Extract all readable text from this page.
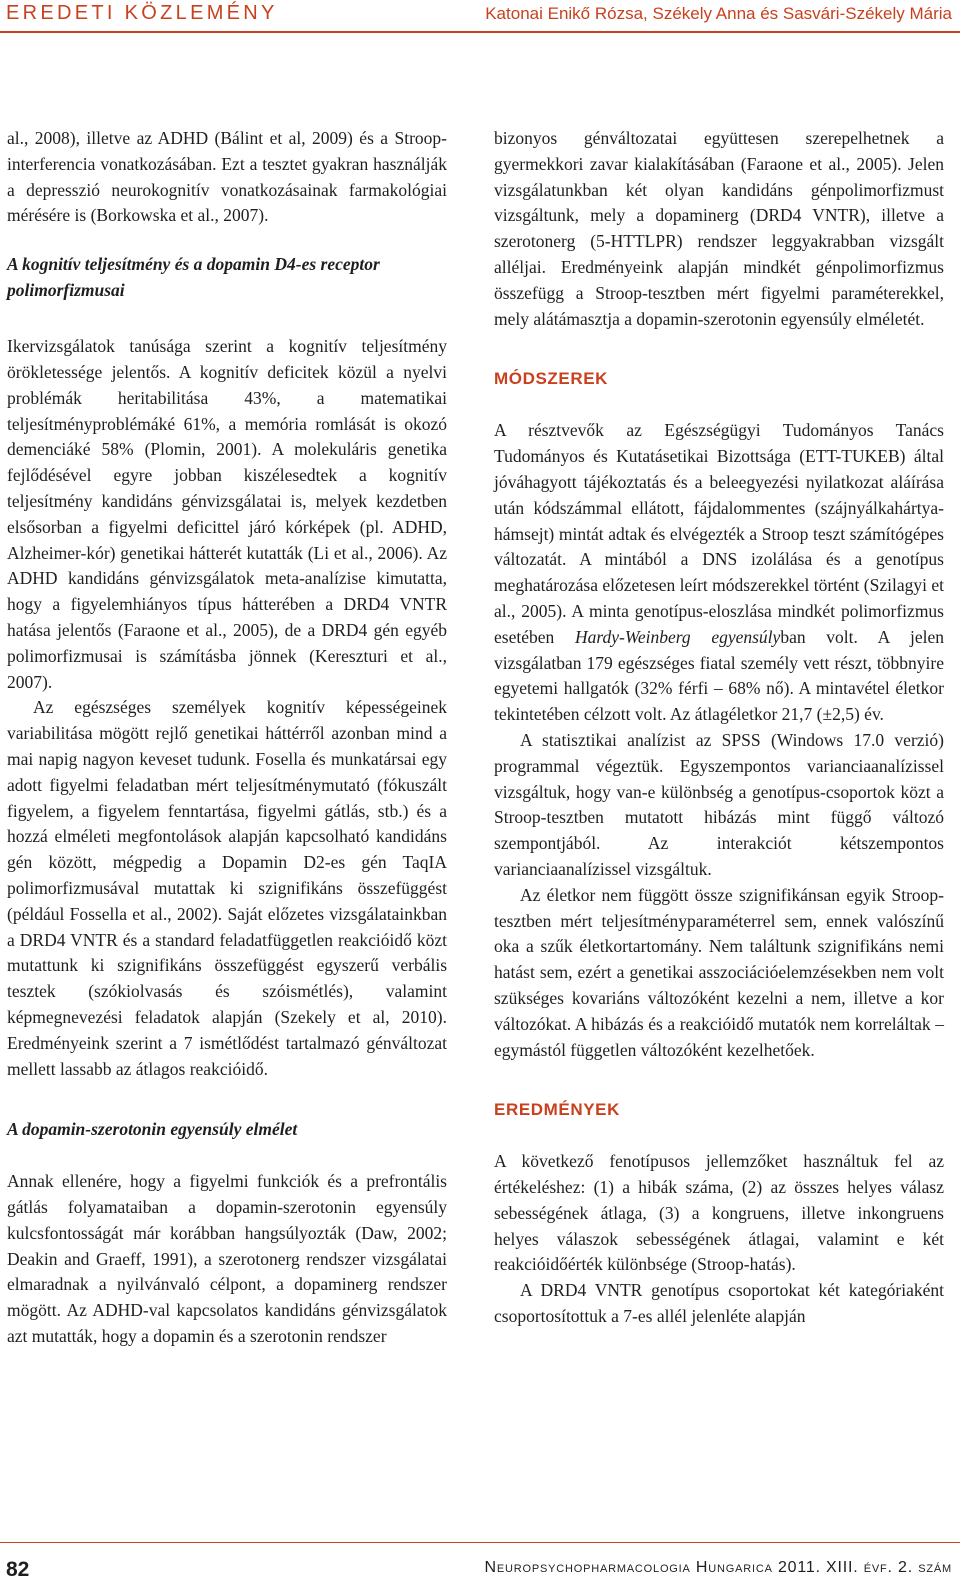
EREDETI KÖZLEMÉNY	Katonai Enikő Rózsa, Székely Anna és Sasvári-Székely Mária

al., 2008), illetve az ADHD (Bálint et al, 2009) és a Stroop-interferencia vonatkozásában. Ezt a tesztet gyakran használják a depresszió neurokognitív vonatkozásainak farmakológiai mérésére is (Borkowska et al., 2007).

A kognitív teljesítmény és a dopamin D4-es receptor polimorfizmusai

Ikervizsgálatok tanúsága szerint a kognitív teljesítmény örökletessége jelentős. A kognitív deficitek közül a nyelvi problémák heritabilitása 43%, a matematikai teljesítményproblémáké 61%, a memória romlását is okozó demenciáké 58% (Plomin, 2001). A molekuláris genetika fejlődésével egyre jobban kiszélesedtek a kognitív teljesítmény kandidáns génvizsgálatai is, melyek kezdetben elsősorban a figyelmi deficittel járó kórképek (pl. ADHD, Alzheimer-kór) genetikai hátterét kutatták (Li et al., 2006). Az ADHD kandidáns génvizsgálatok meta-analízise kimutatta, hogy a figyelemhiányos típus hátterében a DRD4 VNTR hatása jelentős (Faraone et al., 2005), de a DRD4 gén egyéb polimorfizmusai is számításba jönnek (Kereszturi et al., 2007).

Az egészséges személyek kognitív képességeinek variabilitása mögött rejlő genetikai háttérről azonban mind a mai napig nagyon keveset tudunk. Fosella és munkatársai egy adott figyelmi feladatban mért teljesítménymutató (fókuszált figyelem, a figyelem fenntartása, figyelmi gátlás, stb.) és a hozzá elméleti megfontolások alapján kapcsolható kandidáns gén között, mégpedig a Dopamin D2-es gén TaqIA polimorfizmusával mutattak ki szignifikáns összefüggést (például Fossella et al., 2002). Saját előzetes vizsgálatainkban a DRD4 VNTR és a standard feladatfüggetlen reakcióidő közt mutattunk ki szignifikáns összefüggést egyszerű verbális tesztek (szókiolvasás és szóismétlés), valamint képmegnevezési feladatok alapján (Szekely et al, 2010). Eredményeink szerint a 7 ismétlődést tartalmazó génváltozat mellett lassabb az átlagos reakcióidő.

A dopamin-szerotonin egyensúly elmélet

Annak ellenére, hogy a figyelmi funkciók és a prefrontális gátlás folyamataiban a dopamin-szerotonin egyensúly kulcsfontosságát már korábban hangsúlyozták (Daw, 2002; Deakin and Graeff, 1991), a szerotonerg rendszer vizsgálatai elmaradnak a nyilvánvaló célpont, a dopaminerg rendszer mögött. Az ADHD-val kapcsolatos kandidáns génvizsgálatok azt mutatták, hogy a dopamin és a szerotonin rendszer

bizonyos génváltozatai együttesen szerepelhetnek a gyermekkori zavar kialakításában (Faraone et al., 2005). Jelen vizsgálatunkban két olyan kandidáns génpolimorfizmust vizsgáltunk, mely a dopaminerg (DRD4 VNTR), illetve a szerotonerg (5-HTTLPR) rendszer leggyakrabban vizsgált alléljai. Eredményeink alapján mindkét génpolimorfizmus összefügg a Stroop-tesztben mért figyelmi paraméterekkel, mely alátámasztja a dopamin-szerotonin egyensúly elméletét.

MÓDSZEREK

A résztvevők az Egészségügyi Tudományos Tanács Tudományos és Kutatásetikai Bizottsága (ETT-TUKEB) által jóváhagyott tájékoztatás és a beleegyezési nyilatkozat aláírása után kódszámmal ellátott, fájdalommentes (szájnyálkahártya-hámsejt) mintát adtak és elvégezték a Stroop teszt számítógépes változatát. A mintából a DNS izolálása és a genotípus meghatározása előzetesen leírt módszerekkel történt (Szilagyi et al., 2005). A minta genotípus-eloszlása mindkét polimorfizmus esetében Hardy-Weinberg egyensúlyban volt. A jelen vizsgálatban 179 egészséges fiatal személy vett részt, többnyire egyetemi hallgatók (32% férfi – 68% nő). A mintavétel életkor tekintetében célzott volt. Az átlagéletkor 21,7 (±2,5) év.

A statisztikai analízist az SPSS (Windows 17.0 verzió) programmal végeztük. Egyszempontos varianciaanalízissel vizsgáltuk, hogy van-e különbség a genotípus-csoportok közt a Stroop-tesztben mutatott hibázás mint függő változó szempontjából. Az interakciót kétszempontos varianciaanalízissel vizsgáltuk.

Az életkor nem függött össze szignifikánsan egyik Stroop-tesztben mért teljesítményparaméterrel sem, ennek valószínű oka a szűk életkortartomány. Nem találtunk szignifikáns nemi hatást sem, ezért a genetikai asszociációelemzésekben nem volt szükséges kovariáns változóként kezelni a nem, illetve a kor változókat. A hibázás és a reakcióidő mutatók nem korreláltak – egymástól független változóként kezelhetőek.

EREDMÉNYEK

A következő fenotípusos jellemzőket használtuk fel az értékeléshez: (1) a hibák száma, (2) az összes helyes válasz sebességének átlaga, (3) a kongruens, illetve inkongruens helyes válaszok sebességének átlagai, valamint e két reakcióidőérték különbsége (Stroop-hatás).

A DRD4 VNTR genotípus csoportokat két kategóriaként csoportosítottuk a 7-es allél jelenléte alapján

82	Neuropsychopharmacologia Hungarica 2011. XIII. évf. 2. szám
